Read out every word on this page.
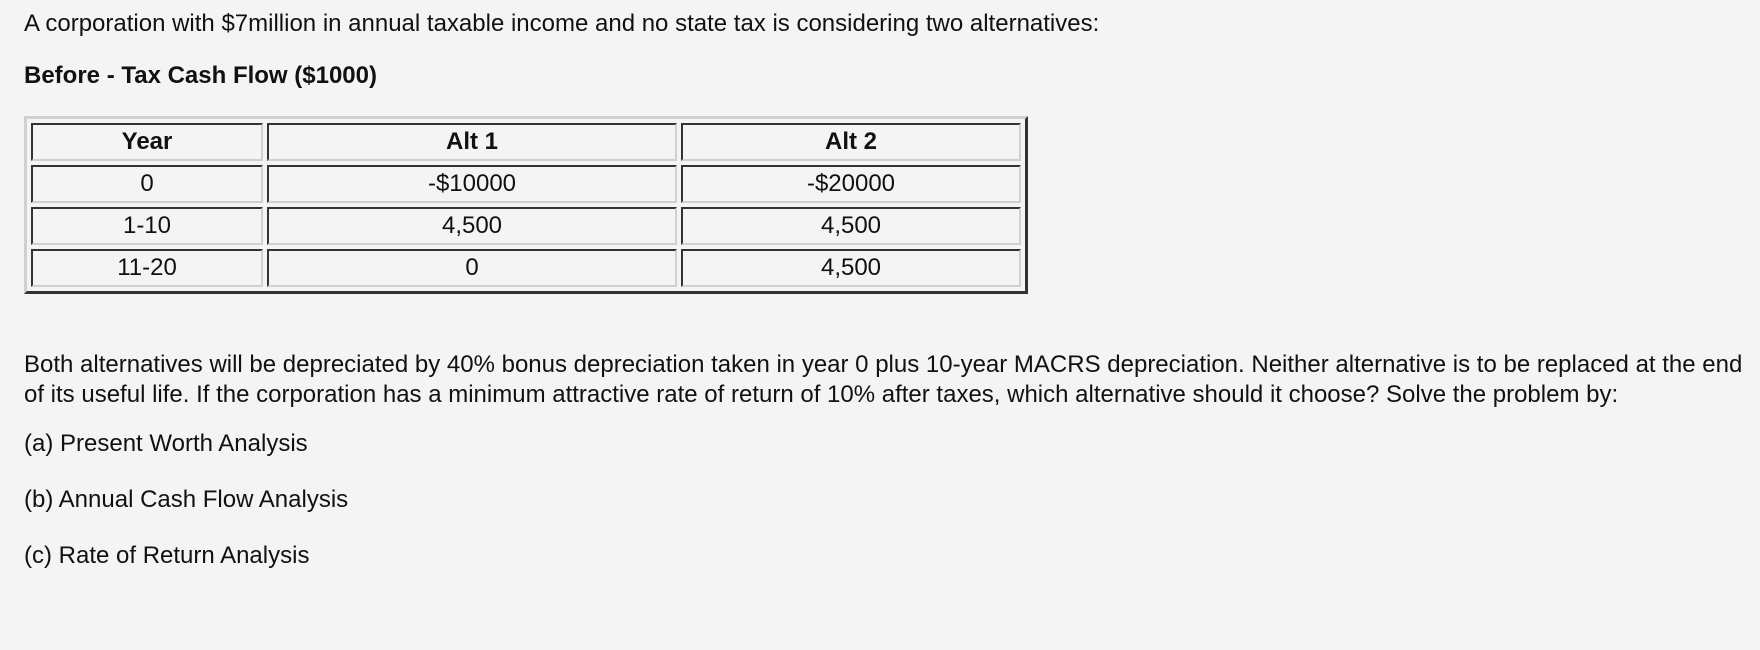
A corporation with $7million in annual taxable income and no state tax is considering two alternatives:

Before - Tax Cash Flow ($1000)

Year	Alt 1	Alt 2
0	-$10000	-$20000
1-10	4,500	4,500
11-20	0	4,500

Both alternatives will be depreciated by 40% bonus depreciation taken in year 0 plus 10-year MACRS depreciation. Neither alternative is to be replaced at the end of its useful life. If the corporation has a minimum attractive rate of return of 10% after taxes, which alternative should it choose? Solve the problem by:

(a) Present Worth Analysis

(b) Annual Cash Flow Analysis

(c) Rate of Return Analysis
